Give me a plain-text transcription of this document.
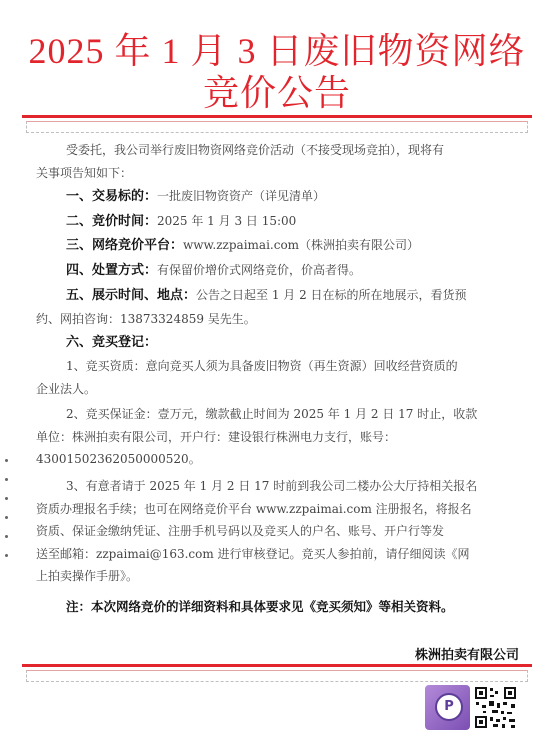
2025 年 1 月 3 日废旧物资网络竞价公告
受委托，我公司举行废旧物资网络竞价活动（不接受现场竞拍），现将有
关事项告知如下：
一、交易标的：一批废旧物资资产（详见清单）
二、竞价时间：2025 年 1 月 3 日 15:00
三、网络竞价平台：www.zzpaimai.com（株洲拍卖有限公司）
四、处置方式：有保留价增价式网络竞价，价高者得。
五、展示时间、地点：公告之日起至 1 月 2 日在标的所在地展示，看货预
约、网拍咨询：13873324859 吴先生。
六、竞买登记：
1、竞买资质：意向竞买人须为具备废旧物资（再生资源）回收经营资质的
企业法人。
2、竞买保证金：壹万元，缴款截止时间为 2025 年 1 月 2 日 17 时止，收款
单位：株洲拍卖有限公司，开户行：建设银行株洲电力支行，账号：
43001502362050000520。
3、有意者请于 2025 年 1 月 2 日 17 时前到我公司二楼办公大厅持相关报名
资质办理报名手续；也可在网络竞价平台 www.zzpaimai.com 注册报名，将报名
资质、保证金缴纳凭证、注册手机号码以及竞买人的户名、账号、开户行等发
送至邮箱：zzpaimai@163.com 进行审核登记。竞买人参拍前，请仔细阅读《网
上拍卖操作手册》。
注：本次网络竞价的详细资料和具体要求见《竞买须知》等相关资料。
株洲拍卖有限公司
P
